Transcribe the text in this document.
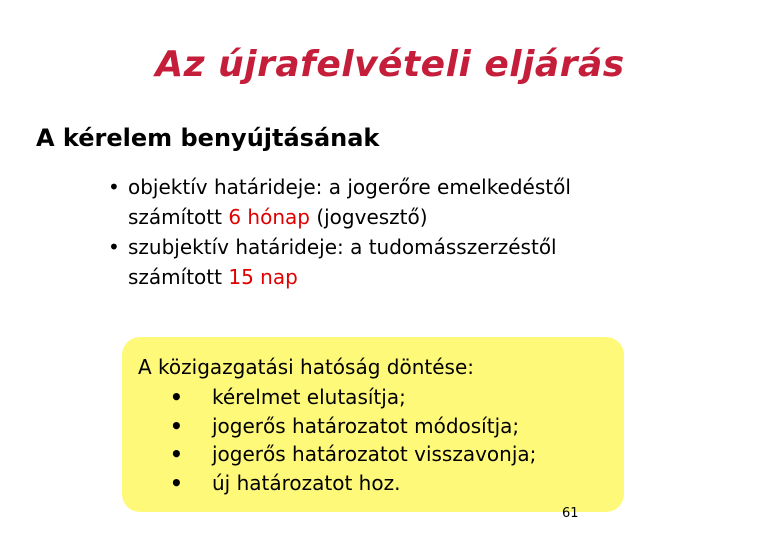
Az újrafelvételi eljárás
A kérelem benyújtásának
• objektív határideje: a jogerőre emelkedéstől
számított 6 hónap (jogvesztő)
• szubjektív határideje: a tudomásszerzéstől
számított 15 nap

A közigazgatási hatóság döntése:

• kérelmet elutasítja;
• jogerős határozatot módosítja;
• jogerős határozatot visszavonja;
• új határozatot hoz.
61
